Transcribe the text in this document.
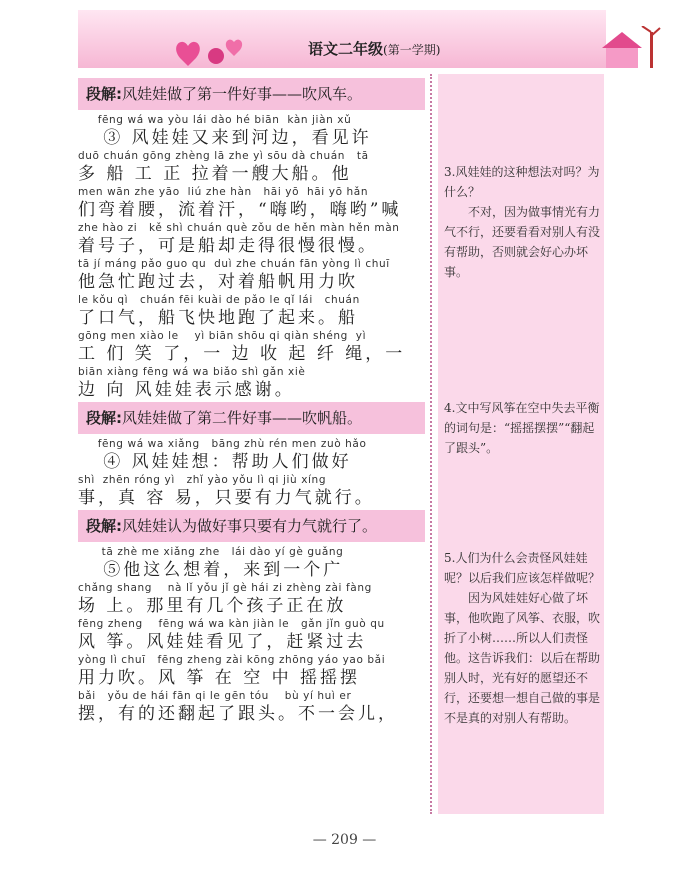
语文二年级(第一学期)
段解:风娃娃做了第一件好事——吹风车。
fēng wá wa yòu lái dào hé biān  kàn jiàn xǔ
③ 风娃娃又来到河边，看见许
duō chuán gōng zhèng lā zhe yì sōu dà chuán   tā
多 船 工 正 拉着一艘大船。他
men wān zhe yāo  liú zhe hàn   hāi yō  hāi yō hǎn
们弯着腰，流着汗，“嗨哟，嗨哟”喊
zhe hào zi   kě shì chuán què zǒu de hěn màn hěn màn
着号子，可是船却走得很慢很慢。
tā jí máng pǎo guo qu  duì zhe chuán fān yòng lì chuī
他急忙跑过去，对着船帆用力吹
le kǒu qì   chuán fēi kuài de pǎo le qǐ lái   chuán
了口气，船飞快地跑了起来。船
gōng men xiào le    yì biān shōu qi qiàn shéng  yì
工 们 笑 了，一 边 收 起 纤 绳，一
biān xiàng fēng wá wa biǎo shì gǎn xiè
边 向 风娃娃表示感谢。
段解:风娃娃做了第二件好事——吹帆船。
fēng wá wa xiǎng   bāng zhù rén men zuò hǎo
④ 风娃娃想：帮助人们做好
shì  zhēn róng yì   zhǐ yào yǒu lì qi jiù xíng
事，真 容 易，只要有力气就行。
段解:风娃娃认为做好事只要有力气就行了。
tā zhè me xiǎng zhe   lái dào yí gè guǎng
⑤他这么想着，来到一个广
chǎng shang    nà lǐ yǒu jǐ gè hái zi zhèng zài fàng
场 上。那里有几个孩子正在放
fēng zheng    fēng wá wa kàn jiàn le   gǎn jǐn guò qu
风 筝。风娃娃看见了，赶紧过去
yòng lì chuī   fēng zheng zài kōng zhōng yáo yao bǎi
用力吹。风 筝 在 空 中 摇摇摆
bǎi   yǒu de hái fān qi le gēn tóu    bù yí huì er
摆，有的还翻起了跟头。不一会儿，
3.风娃娃的这种想法对吗？为什么？
不对，因为做事情光有力气不行，还要看看对别人有没有帮助，否则就会好心办坏事。
4.文中写风筝在空中失去平衡的词句是：“摇摇摆摆”“翻起了跟头”。
5.人们为什么会责怪风娃娃呢？以后我们应该怎样做呢？
因为风娃娃好心做了坏事，他吹跑了风筝、衣服，吹折了小树……所以人们责怪他。这告诉我们：以后在帮助别人时，光有好的愿望还不行，还要想一想自己做的事是不是真的对别人有帮助。
— 209 —
